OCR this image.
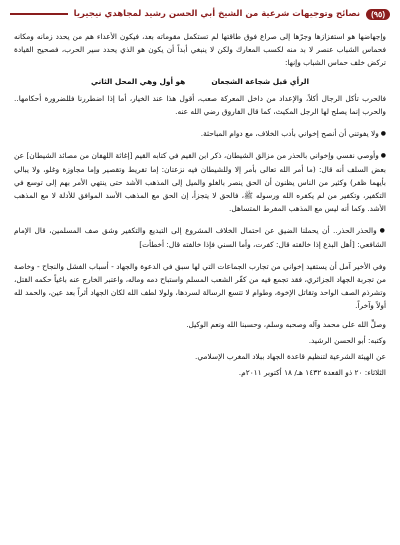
(٩٥)
نصائح وتوجيهات شرعية من الشيخ أبي الحسن رشيد لمجاهدي نيجيريا

وإجهاضها هو استفزازها وجرّها إلى صراع فوق طاقتها لم تستكمل مقوماته بعد، فيكون الأعداء هم من يحدد زمانه ومكانه فحماس الشباب عنصر لا بد منه لكسب المعارك ولكن لا ينبغي أبداً أن يكون هو الذي يحدد سير الحرب، فصحيح القيادة تركض خلف حماس الشباب وإنها:

الرأي قبل شجاعة الشجعان
هو أول وهي المحل الثاني

فالحرب تأكل الرجال أكلاً، والإعداد من داخل المعركة صعب، أقول هذا عند الخيار، أما إذا اضطررنا فللضرورة أحكامها.. والحرب إنما يصلح لها الرجل المكيث، كما قال الفاروق رضي الله عنه.

● ولا يفوتني أن أنصح إخواني بأدب الخلاف، مع دوام المباحثة.

● وأوصي نفسي وإخواني بالحذر من مزالق الشيطان، ذكر ابن القيم في كتابه القيم [إغاثة اللهفان من مصائد الشيطان] عن بعض السلف أنه قال: (ما أمر الله تعالى بأمر إلا وللشيطان فيه نزعتان: إما تفريط وتقصير وإما مجاوزة وغلو، ولا يبالي بأيهما ظفر) وكثير من الناس يظنون أن الحق ينصر بالغلو والميل إلى المذهب الأشد حتى ينتهي الأمر بهم إلى توسع في التكفير، وتكفير من لم يكفره الله ورسوله ﷺ، فالحق لا يتجزأ، إن الحق مع المذهب الأسد الموافق للأدلة لا مع المذهب الأشد. وكما أنه ليس مع المذهب المفرط المتساهل.

● والحذر الحذر.. أن يحملنا الضيق عن احتمال الخلاف المشروع إلى التبديع والتكفير وشق صف المسلمين، قال الإمام الشافعي: [أهل البدع إذا خالفته قال: كفرت، وأما السني فإذا خالفته قال: أخطأت]

وفي الأخير آمل أن يستفيد إخواني من تجارب الجماعات التي لها سبق في الدعوة والجهاد - أسباب الفشل والنجاح - وخاصة من تجربة الجهاد الجزائري، فقد تجمع فيه من كفّر الشعب المسلم واستباح دمه وماله، واعتبر الخارج عنه باغياً حكمه القتل، وتشرذم الصف الواحد وتقاتل الإخوة، وطوام لا تتسع الرسالة لسردها، ولولا لطف الله لكان الجهاد أثراً بعد عين، والحمد لله أولاً وآخراً.

وصلِّ الله على محمد وآله وصحبه وسلم، وحسبنا الله ونعم الوكيل.

وكتبه: أبو الحسن الرشيد.

عن الهيئة الشرعية لتنظيم قاعدة الجهاد ببلاد المغرب الإسلامي.

الثلاثاء: ٢٠ ذو القعدة ١٤٣٢ هـ/ ١٨ أكتوبر ٢٠١١م.
